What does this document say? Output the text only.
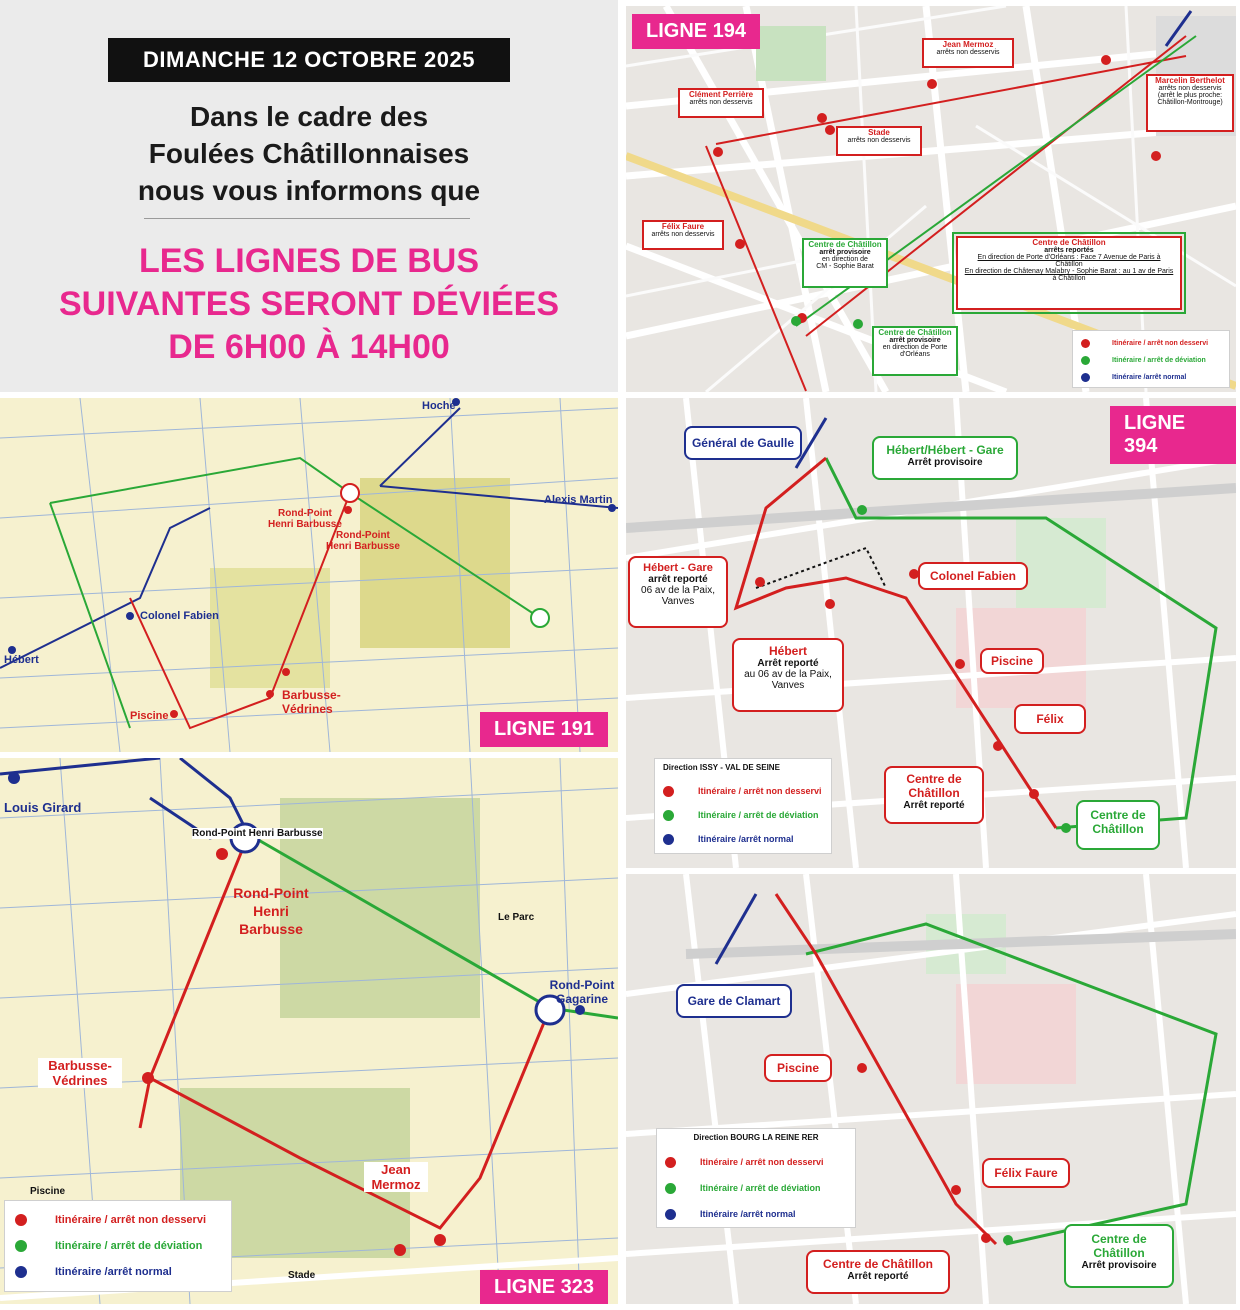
DIMANCHE 12 OCTOBRE 2025
Dans le cadre des
Foulées Châtillonnaises
nous vous informons que
LES LIGNES DE BUS
SUIVANTES SERONT DÉVIÉES
DE 6H00 À 14H00
LIGNE 194
Jean Mermoz
arrêts non desservis
Clément Perrière
arrêts non desservis
Stade
arrêts non desservis
Marcelin Berthelot
arrêts non desservis
(arrêt le plus proche:
Châtillon-Montrouge)
Félix Faure
arrêts non desservis
Centre de Châtillon
arrêt provisoire
en direction de
CM - Sophie Barat
Centre de Châtillon
arrêt provisoire
en direction de Porte
d'Orléans
Centre de Châtillon
arrêts reportés
En direction de Porte d'Orléans : Face 7 Avenue de Paris à
Châtillon
En direction de Châtenay Malabry - Sophie Barat : au 1 av de Paris
à Châtillon
Itinéraire / arrêt non desservi
Itinéraire / arrêt de déviation
Itinéraire /arrêt normal
Hoche
Alexis Martin
Colonel Fabien
Hébert
Piscine
Rond-Point
Henri Barbusse
Rond-Point
Henri Barbusse
Barbusse-
Védrines
LIGNE 191
Louis Girard
Rond-Point Henri Barbusse
Rond-Point
Henri
Barbusse
Le Parc
Rond-Point
Gagarine
Barbusse-
Védrines
Jean
Mermoz
Piscine
Stade
Itinéraire / arrêt non desservi
Itinéraire / arrêt de déviation
Itinéraire /arrêt normal
LIGNE 323
LIGNE 394
Général de Gaulle	Hébert/Hébert - Gare
Arrêt provisoire
Hébert - Gare
arrêt reporté
06 av de la Paix,
Vanves
Colonel Fabien
Hébert
Arrêt reporté
au 06 av de la Paix,
Vanves
Piscine
Félix
Centre de
Châtillon
Arrêt reporté
Centre de
Châtillon
Direction ISSY - VAL DE SEINE
Itinéraire / arrêt non desservi
Itinéraire / arrêt de déviation
Itinéraire /arrêt normal
Gare de Clamart
Piscine
Félix Faure
Centre de Châtillon
Arrêt reporté
Centre de
Châtillon
Arrêt provisoire
Direction BOURG LA REINE RER
Itinéraire / arrêt non desservi
Itinéraire / arrêt de déviation
Itinéraire /arrêt normal
